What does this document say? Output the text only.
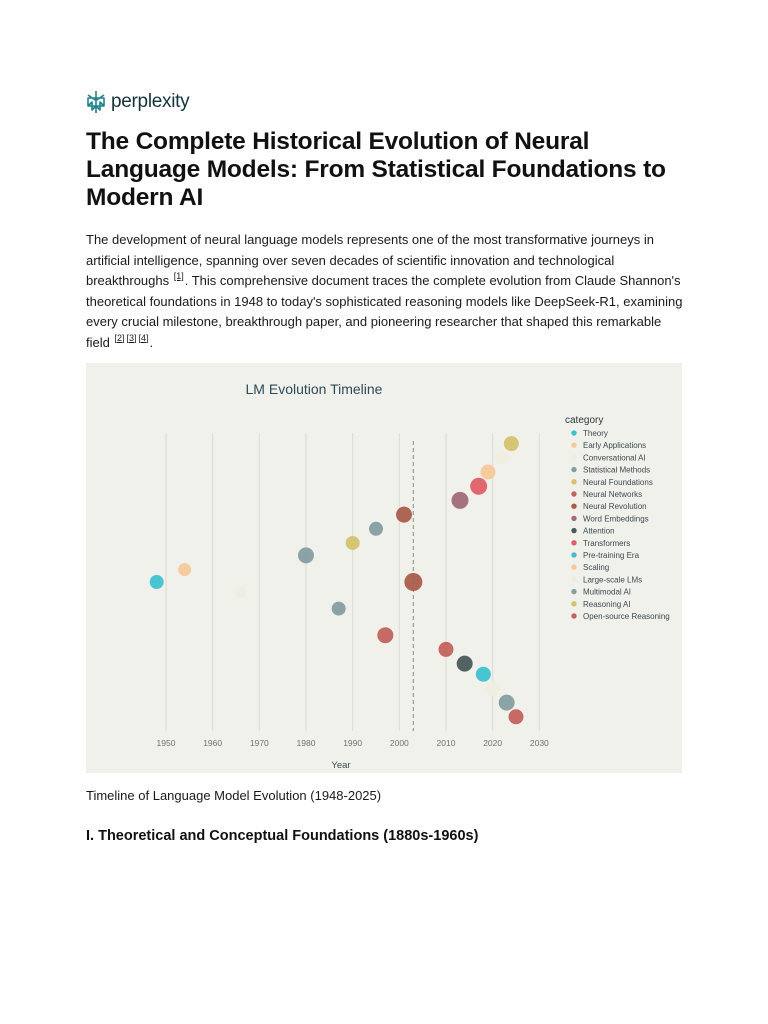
perplexity
The Complete Historical Evolution of Neural Language Models: From Statistical Foundations to Modern AI

The development of neural language models represents one of the most transformative journeys in artificial intelligence, spanning over seven decades of scientific innovation and technological breakthroughs [1]. This comprehensive document traces the complete evolution from Claude Shannon's theoretical foundations in 1948 to today's sophisticated reasoning models like DeepSeek-R1, examining every crucial milestone, breakthrough paper, and pioneering researcher that shaped this remarkable field [2] [3] [4].

LM Evolution Timeline
1950	1960	1970	1980	1990	2000	2010	2020	2030
Year
category
Theory
Early Applications
Conversational AI
Statistical Methods
Neural Foundations
Neural Networks
Neural Revolution
Word Embeddings
Attention
Transformers
Pre-training Era
Scaling
Large-scale LMs
Multimodal AI
Reasoning AI
Open-source Reasoning
Timeline of Language Model Evolution (1948-2025)
I. Theoretical and Conceptual Foundations (1880s-1960s)
